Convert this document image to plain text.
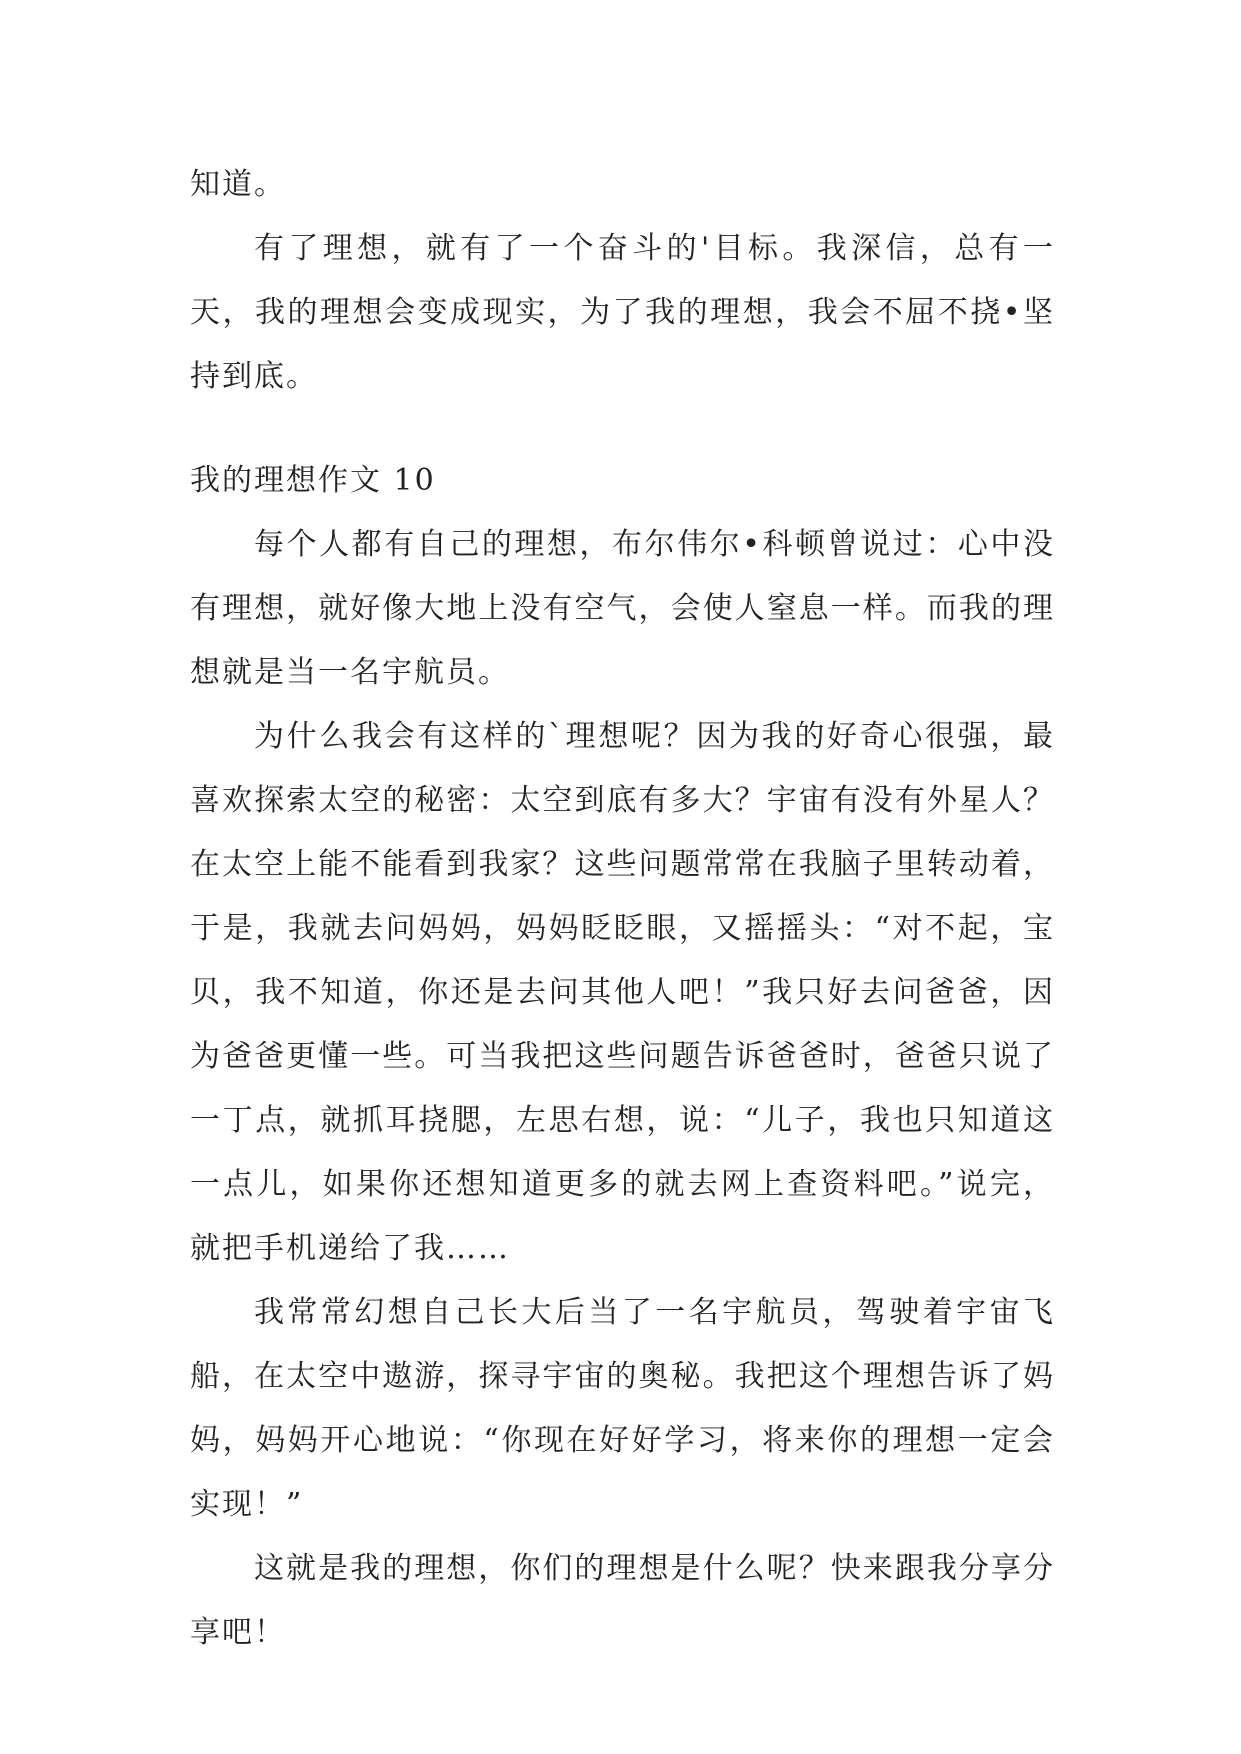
知道。

有了理想，就有了一个奋斗的'目标。我深信，总有一天，我的理想会变成现实，为了我的理想，我会不屈不挠•坚持到底。

我的理想作文 10

每个人都有自己的理想，布尔伟尔•科顿曾说过：心中没有理想，就好像大地上没有空气，会使人窒息一样。而我的理想就是当一名宇航员。

为什么我会有这样的`理想呢？因为我的好奇心很强，最喜欢探索太空的秘密：太空到底有多大？宇宙有没有外星人？在太空上能不能看到我家？这些问题常常在我脑子里转动着，于是，我就去问妈妈，妈妈眨眨眼，又摇摇头：“对不起，宝贝，我不知道，你还是去问其他人吧！”我只好去问爸爸，因为爸爸更懂一些。可当我把这些问题告诉爸爸时，爸爸只说了一丁点，就抓耳挠腮，左思右想，说：“儿子，我也只知道这一点儿，如果你还想知道更多的就去网上查资料吧。”说完，就把手机递给了我……

我常常幻想自己长大后当了一名宇航员，驾驶着宇宙飞船，在太空中遨游，探寻宇宙的奥秘。我把这个理想告诉了妈妈，妈妈开心地说：“你现在好好学习，将来你的理想一定会实现！”

这就是我的理想，你们的理想是什么呢？快来跟我分享分享吧！
